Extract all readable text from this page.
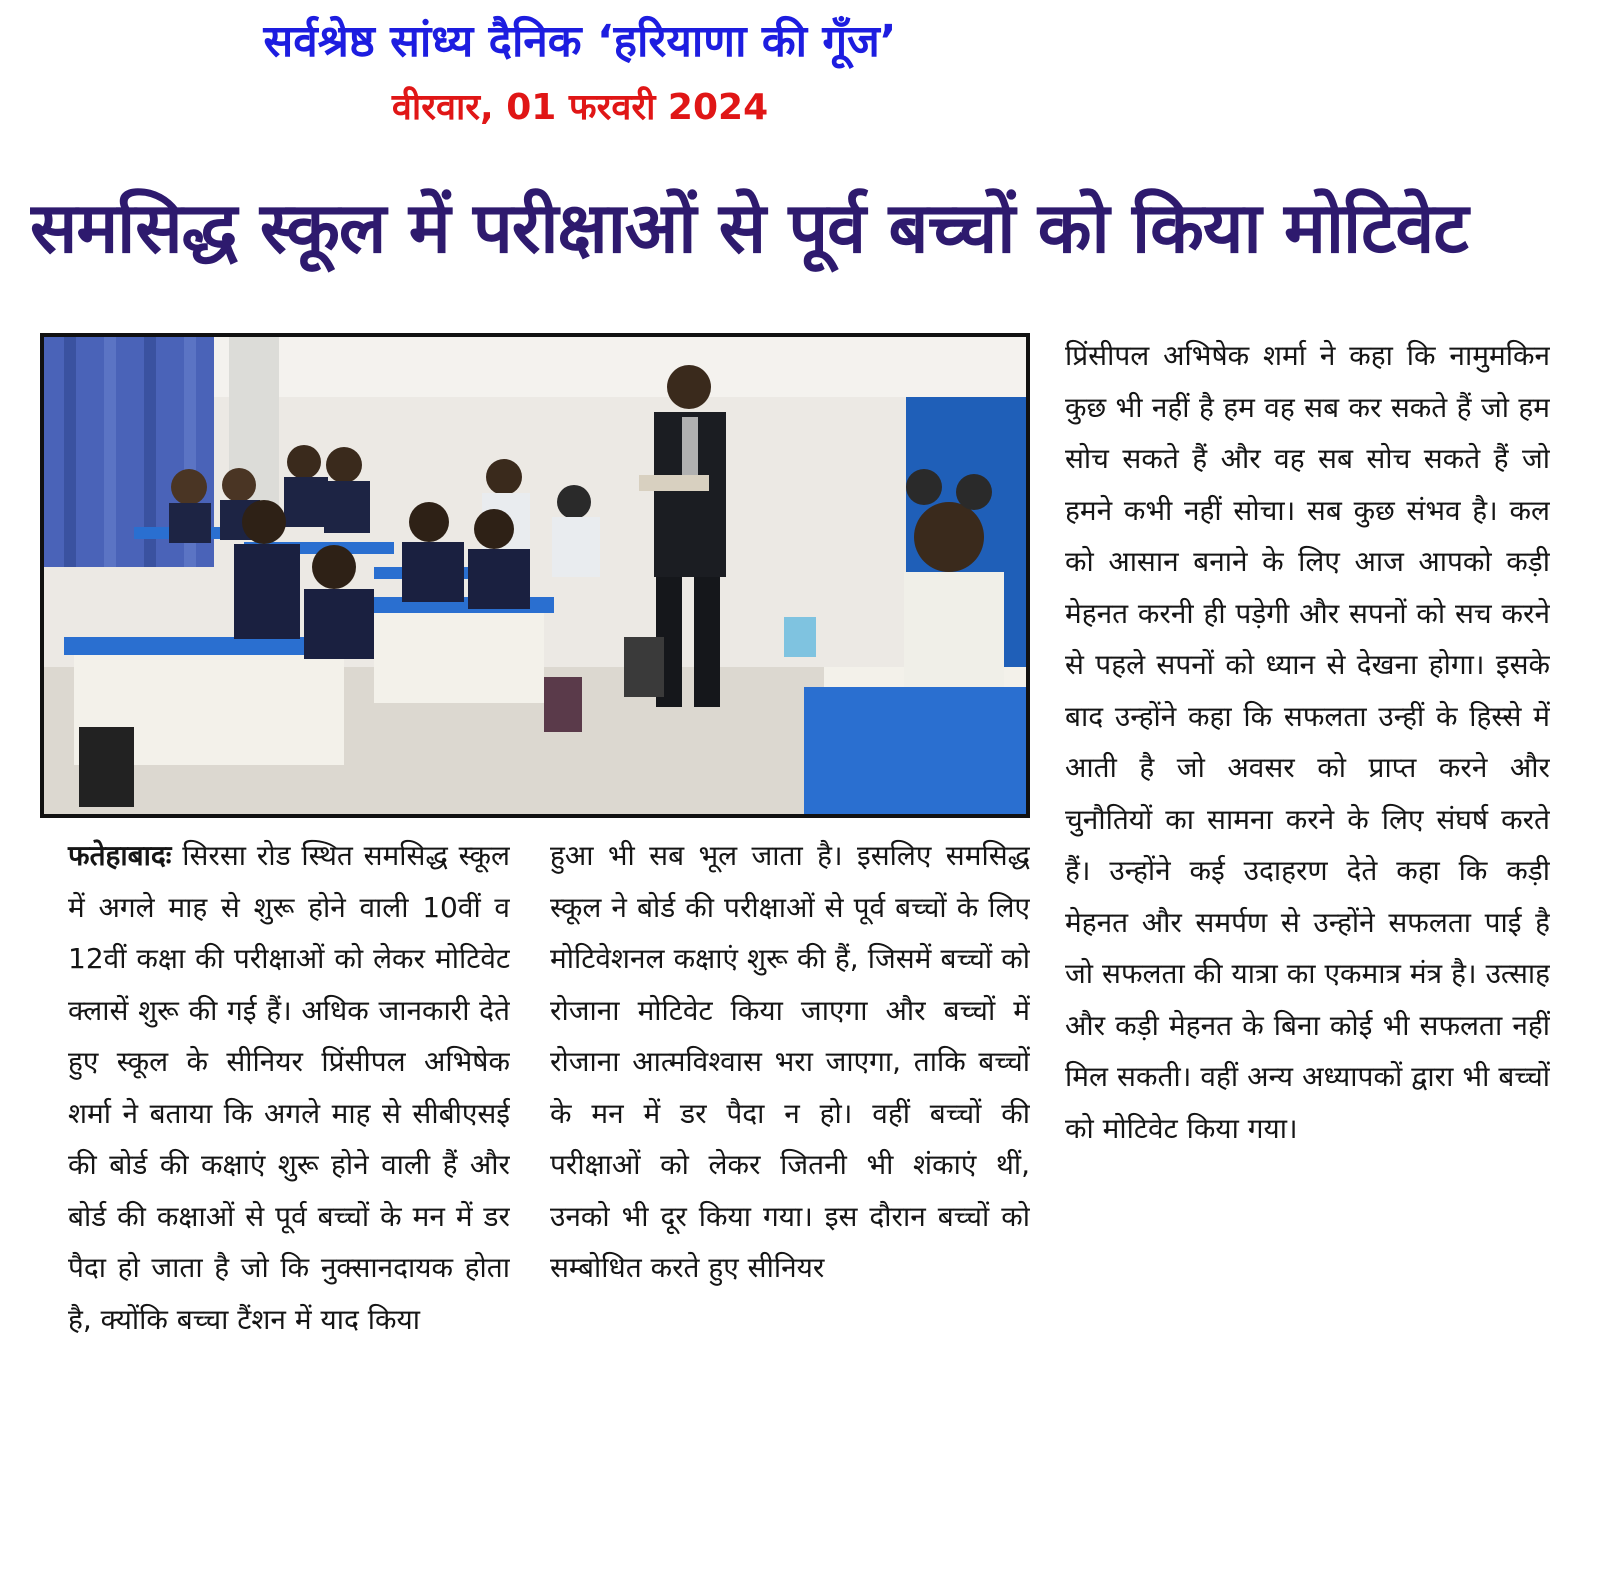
सर्वश्रेष्ठ सांध्य दैनिक ‘हरियाणा की गूँज’
वीरवार, 01 फरवरी 2024
समसिद्ध स्कूल में परीक्षाओं से पूर्व बच्चों को किया मोटिवेट

फतेहाबादः सिरसा रोड स्थित समसिद्ध स्कूल में अगले माह से शुरू होने वाली 10वीं व 12वीं कक्षा की परीक्षाओं को लेकर मोटिवेट क्लासें शुरू की गई हैं। अधिक जानकारी देते हुए स्कूल के सीनियर प्रिंसीपल अभिषेक शर्मा ने बताया कि अगले माह से सीबीएसई की बोर्ड की कक्षाएं शुरू होने वाली हैं और बोर्ड की कक्षाओं से पूर्व बच्चों के मन में डर पैदा हो जाता है जो कि नुक्सानदायक होता है, क्योंकि बच्चा टैंशन में याद किया

हुआ भी सब भूल जाता है। इसलिए समसिद्ध स्कूल ने बोर्ड की परीक्षाओं से पूर्व बच्चों के लिए मोटिवेशनल कक्षाएं शुरू की हैं, जिसमें बच्चों को रोजाना मोटिवेट किया जाएगा और बच्चों में रोजाना आत्मविश्वास भरा जाएगा, ताकि बच्चों के मन में डर पैदा न हो। वहीं बच्चों की परीक्षाओं को लेकर जितनी भी शंकाएं थीं, उनको भी दूर किया गया। इस दौरान बच्चों को सम्बोधित करते हुए सीनियर

प्रिंसीपल अभिषेक शर्मा ने कहा कि नामुमकिन कुछ भी नहीं है हम वह सब कर सकते हैं जो हम सोच सकते हैं और वह सब सोच सकते हैं जो हमने कभी नहीं सोचा। सब कुछ संभव है। कल को आसान बनाने के लिए आज आपको कड़ी मेहनत करनी ही पड़ेगी और सपनों को सच करने से पहले सपनों को ध्यान से देखना होगा। इसके बाद उन्होंने कहा कि सफलता उन्हीं के हिस्से में आती है जो अवसर को प्राप्त करने और चुनौतियों का सामना करने के लिए संघर्ष करते हैं। उन्होंने कई उदाहरण देते कहा कि कड़ी मेहनत और समर्पण से उन्होंने सफलता पाई है जो सफलता की यात्रा का एकमात्र मंत्र है। उत्साह और कड़ी मेहनत के बिना कोई भी सफलता नहीं मिल सकती। वहीं अन्य अध्यापकों द्वारा भी बच्चों को मोटिवेट किया गया।
